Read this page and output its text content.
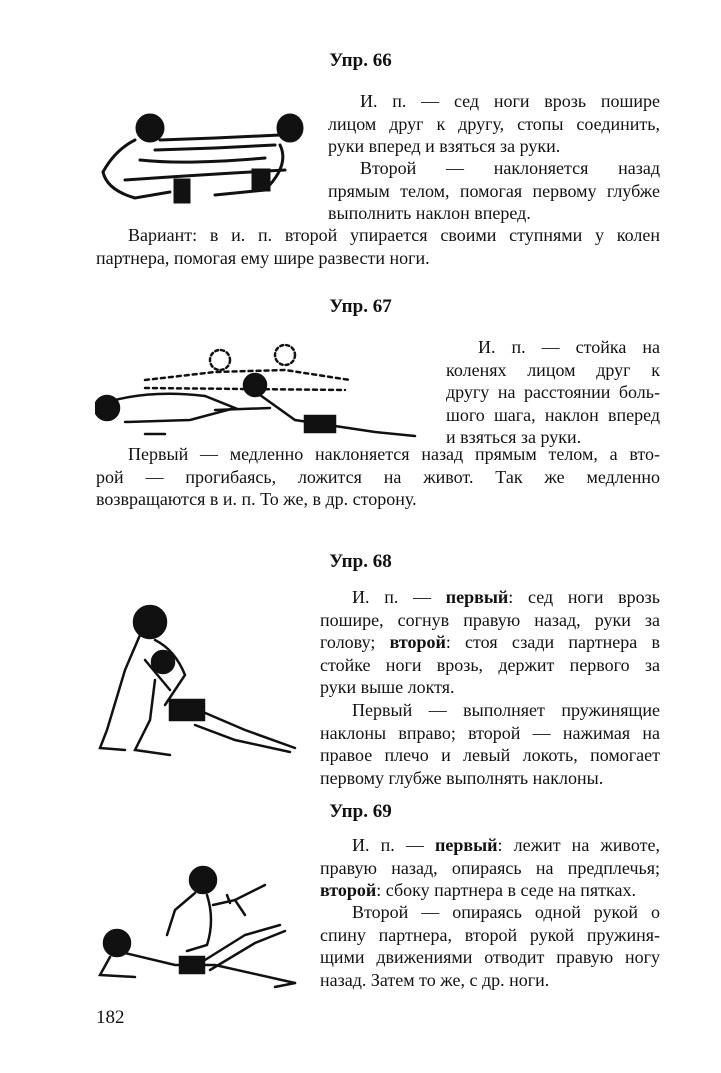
Упр. 66
И. п. — сед ноги врозь пошире
лицом друг к другу, стопы соединить,
руки вперед и взяться за руки.
Второй — наклоняется назад
прямым телом, помогая первому глубже
выполнить наклон вперед.
Вариант: в и. п. второй упирается своими ступнями у колен
партнера, помогая ему шире развести ноги.
Упр. 67
И. п. — стойка на
коленях лицом друг к
другу на расстоянии боль-
шого шага, наклон вперед
и взяться за руки.
Первый — медленно наклоняется назад прямым телом, а вто-
рой — прогибаясь, ложится на живот. Так же медленно
возвращаются в и. п. То же, в др. сторону.
Упр. 68
И. п. — первый: сед ноги врозь
пошире, согнув правую назад, руки за
голову; второй: стоя сзади партнера в
стойке ноги врозь, держит первого за
руки выше локтя.
Первый — выполняет пружинящие
наклоны вправо; второй — нажимая на
правое плечо и левый локоть, помогает
первому глубже выполнять наклоны.
Упр. 69
И. п. — первый: лежит на животе,
правую назад, опираясь на предплечья;
второй: сбоку партнера в седе на пятках.
Второй — опираясь одной рукой о
спину партнера, второй рукой пружиня-
щими движениями отводит правую ногу
назад. Затем то же, с др. ноги.
182
